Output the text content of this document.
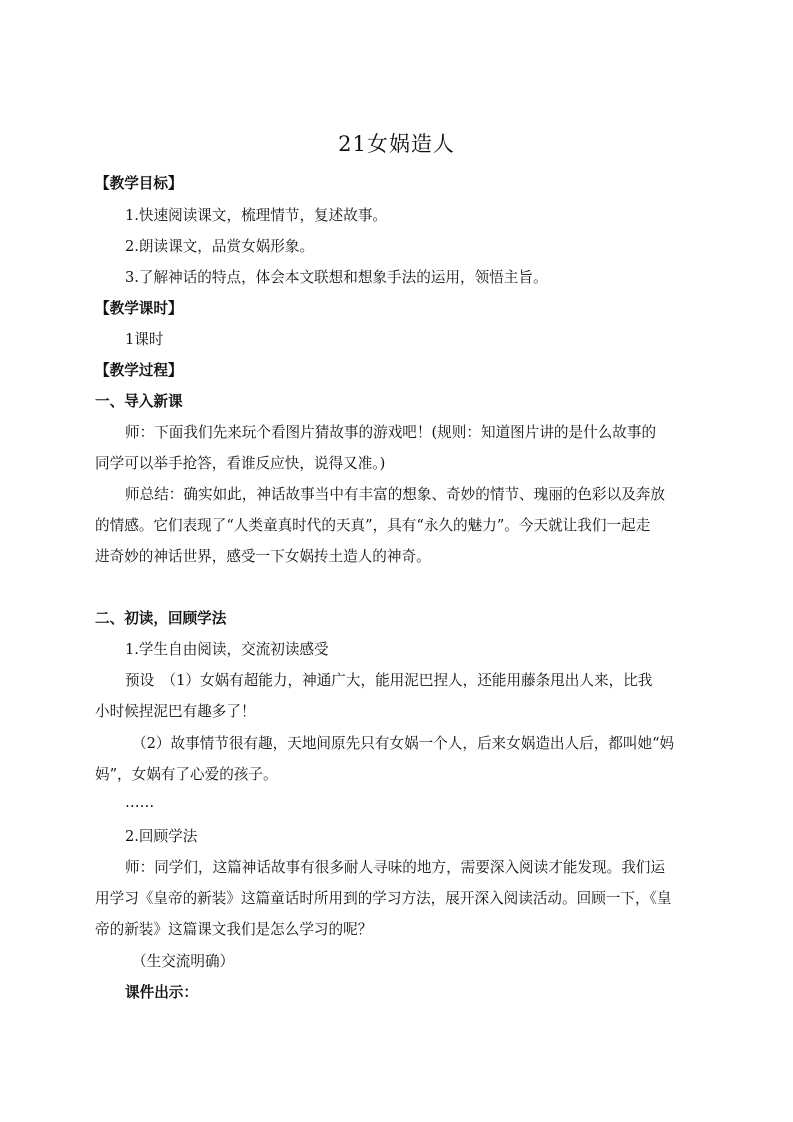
21女娲造人
【教学目标】
1.快速阅读课文，梳理情节，复述故事。
2.朗读课文，品赏女娲形象。
3.了解神话的特点，体会本文联想和想象手法的运用，领悟主旨。
【教学课时】
1课时
【教学过程】
一、导入新课
师：下面我们先来玩个看图片猜故事的游戏吧！(规则：知道图片讲的是什么故事的
同学可以举手抢答，看谁反应快，说得又准。)
师总结：确实如此，神话故事当中有丰富的想象、奇妙的情节、瑰丽的色彩以及奔放
的情感。它们表现了“人类童真时代的天真”，具有“永久的魅力”。今天就让我们一起走
进奇妙的神话世界，感受一下女娲抟土造人的神奇。
二、初读，回顾学法
1.学生自由阅读，交流初读感受
预设　（1）女娲有超能力，神通广大，能用泥巴捏人，还能用藤条甩出人来，比我
小时候捏泥巴有趣多了！
（2）故事情节很有趣，天地间原先只有女娲一个人，后来女娲造出人后，都叫她“妈
妈”，女娲有了心爱的孩子。
……
2.回顾学法
师：同学们，这篇神话故事有很多耐人寻味的地方，需要深入阅读才能发现。我们运
用学习《皇帝的新装》这篇童话时所用到的学习方法，展开深入阅读活动。回顾一下，《皇
帝的新装》这篇课文我们是怎么学习的呢？
（生交流明确）
课件出示：
